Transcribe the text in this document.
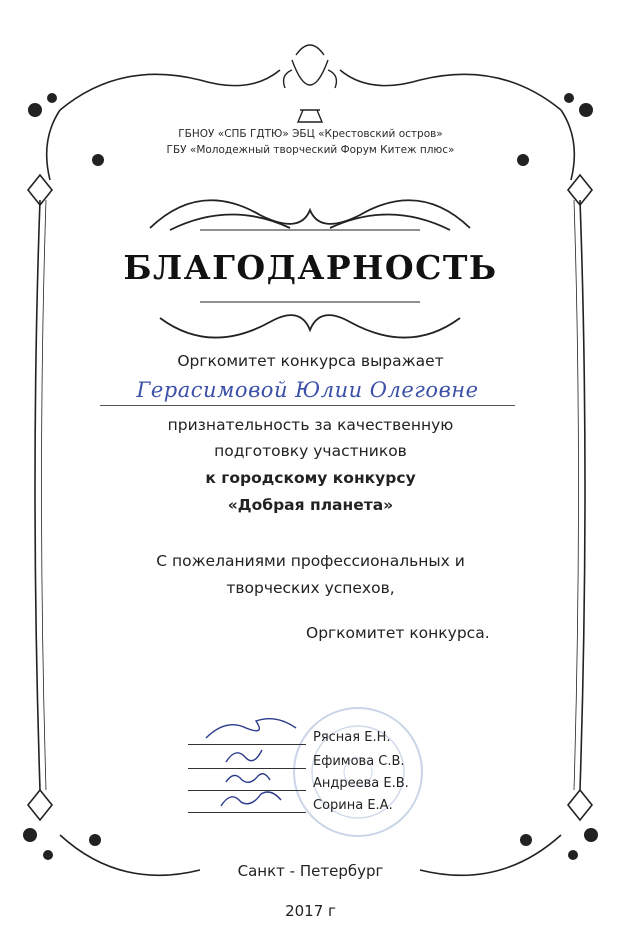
ГБНОУ «СПБ ГДТЮ» ЭБЦ «Крестовский остров»
ГБУ «Молодежный творческий Форум Китеж плюс»
БЛАГОДАРНОСТЬ
Оргкомитет конкурса выражает
Герасимовой Юлии Олеговне
признательность за качественную
подготовку участников
к городскому конкурсу
«Добрая планета»
С пожеланиями профессиональных и
творческих успехов,
Оргкомитет конкурса.
Рясная Е.Н.
Ефимова С.В.
Андреева Е.В.
Сорина Е.А.
Санкт - Петербург
2017 г
